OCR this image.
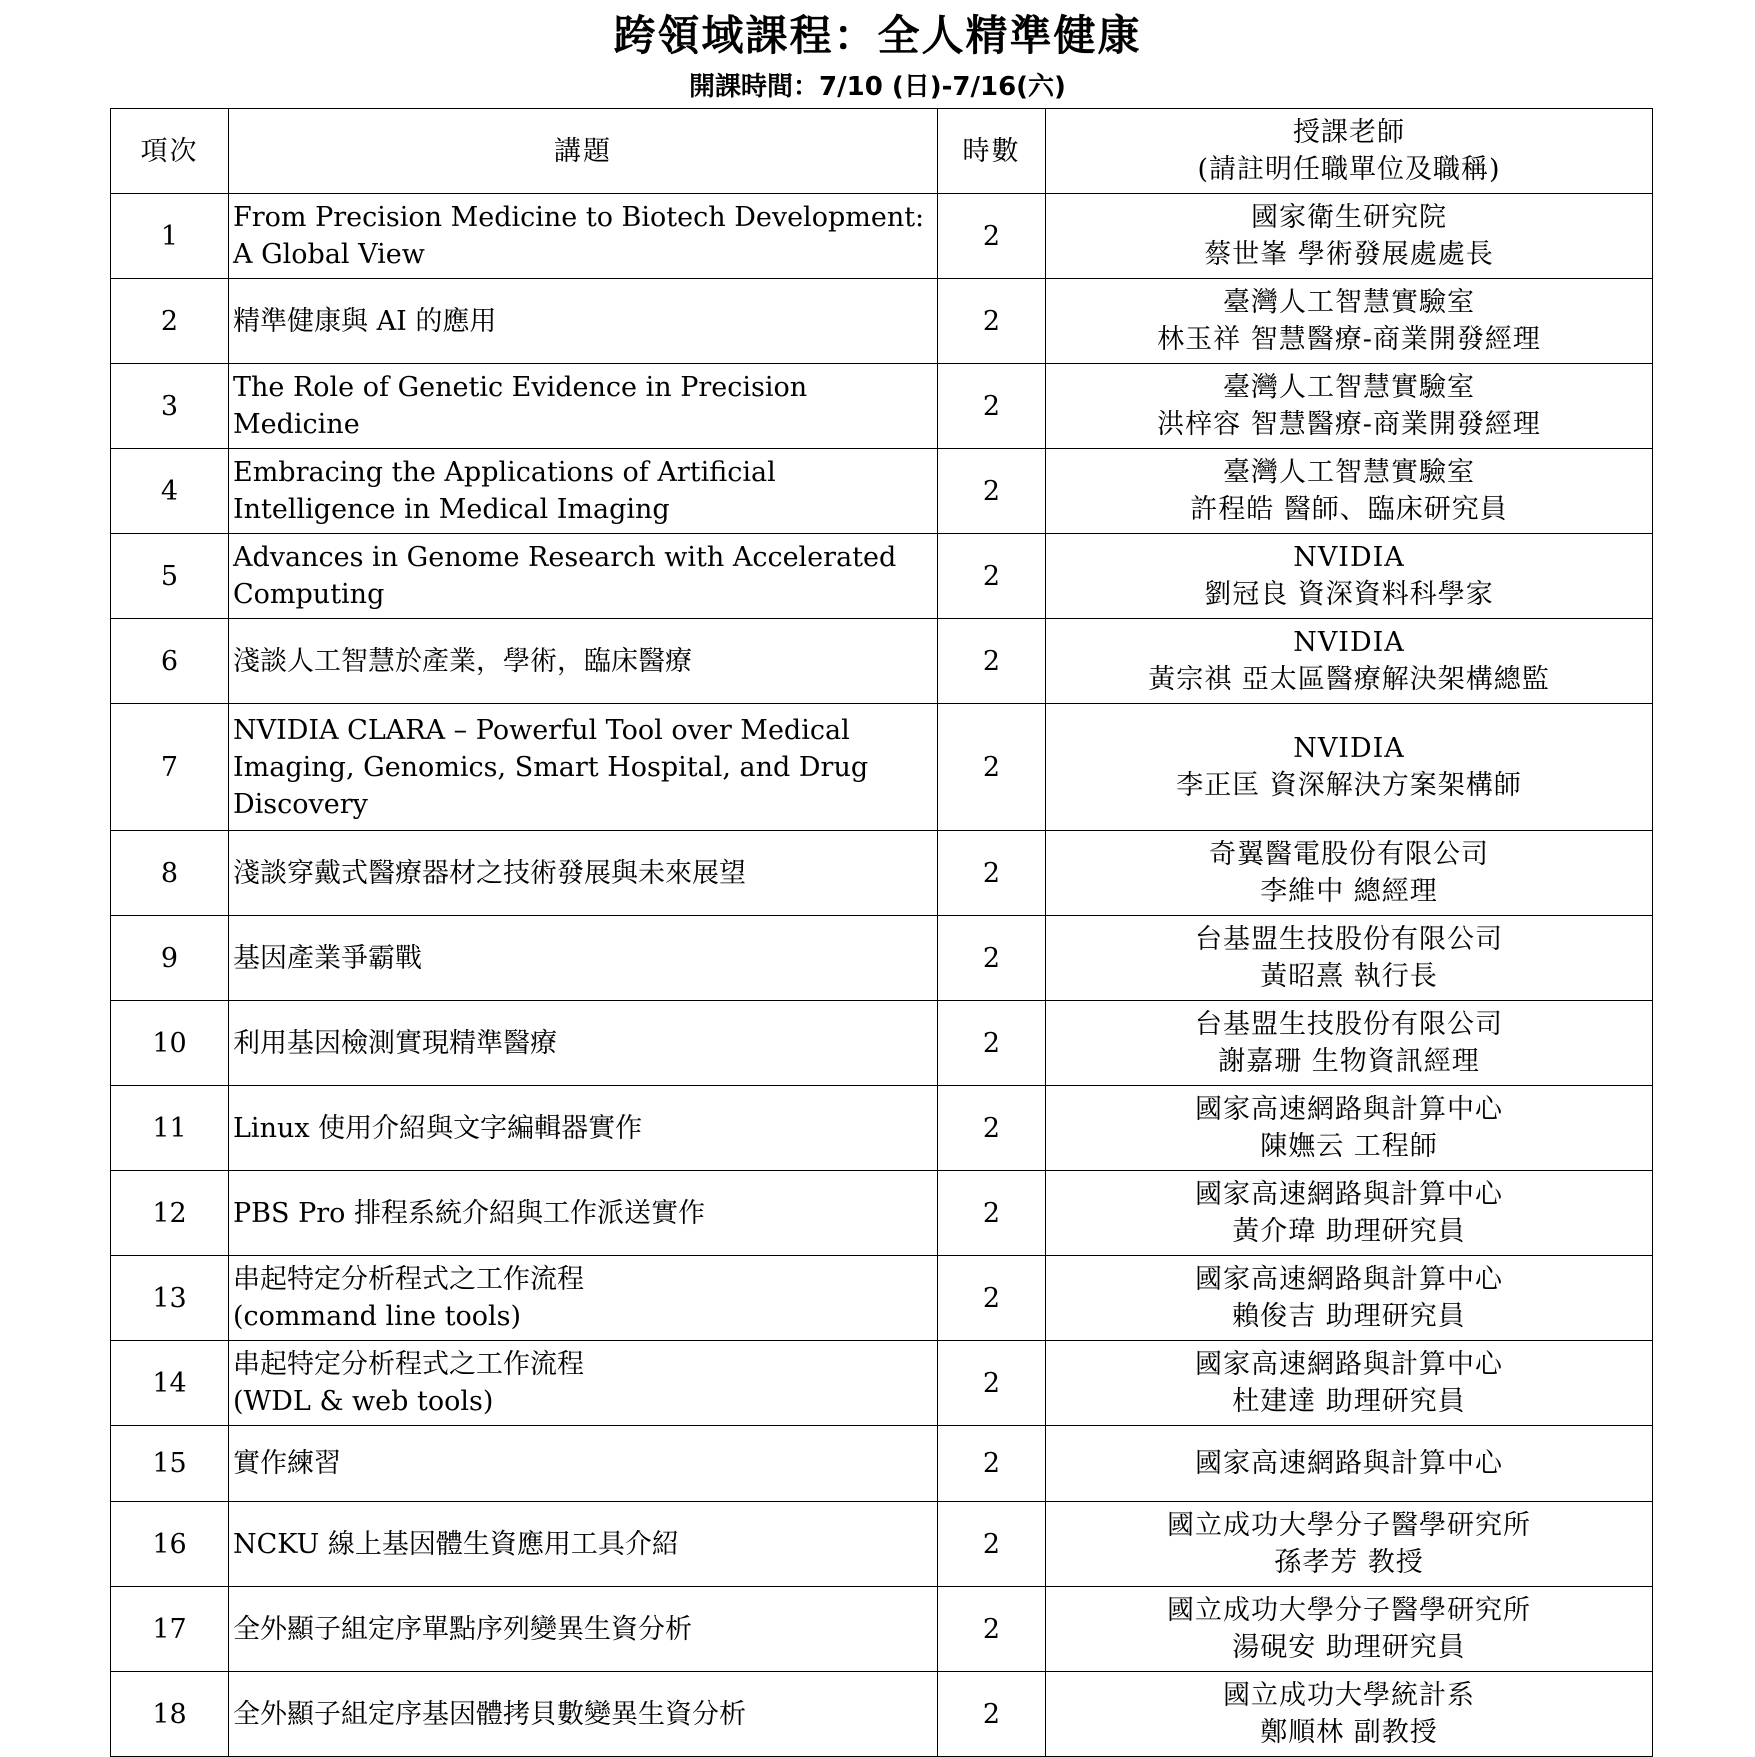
跨領域課程：全人精準健康
開課時間：7/10 (日)-7/16(六)
項次	講題	時數	授課老師
(請註明任職單位及職稱)
1	From Precision Medicine to Biotech Development:
A Global View	2	國家衛生研究院
蔡世峯 學術發展處處長
2	精準健康與 AI 的應用	2	臺灣人工智慧實驗室
林玉祥 智慧醫療-商業開發經理
3	The Role of Genetic Evidence in Precision
Medicine	2	臺灣人工智慧實驗室
洪梓容 智慧醫療-商業開發經理
4	Embracing the Applications of Artificial
Intelligence in Medical Imaging	2	臺灣人工智慧實驗室
許程皓 醫師、臨床研究員
5	Advances in Genome Research with Accelerated
Computing	2	NVIDIA
劉冠良 資深資料科學家
6	淺談人工智慧於產業，學術，臨床醫療	2	NVIDIA
黃宗祺 亞太區醫療解決架構總監
7	NVIDIA CLARA – Powerful Tool over Medical
Imaging, Genomics, Smart Hospital, and Drug
Discovery	2	NVIDIA
李正匡 資深解決方案架構師
8	淺談穿戴式醫療器材之技術發展與未來展望	2	奇翼醫電股份有限公司
李維中 總經理
9	基因產業爭霸戰	2	台基盟生技股份有限公司
黃昭熹 執行長
10	利用基因檢測實現精準醫療	2	台基盟生技股份有限公司
謝嘉珊 生物資訊經理
11	Linux 使用介紹與文字編輯器實作	2	國家高速網路與計算中心
陳嫵云 工程師
12	PBS Pro 排程系統介紹與工作派送實作	2	國家高速網路與計算中心
黃介瑋 助理研究員
13	串起特定分析程式之工作流程
(command line tools)	2	國家高速網路與計算中心
賴俊吉 助理研究員
14	串起特定分析程式之工作流程
(WDL & web tools)	2	國家高速網路與計算中心
杜建達 助理研究員
15	實作練習	2	國家高速網路與計算中心
16	NCKU 線上基因體生資應用工具介紹	2	國立成功大學分子醫學研究所
孫孝芳 教授
17	全外顯子組定序單點序列變異生資分析	2	國立成功大學分子醫學研究所
湯硯安 助理研究員
18	全外顯子組定序基因體拷貝數變異生資分析	2	國立成功大學統計系
鄭順林 副教授
